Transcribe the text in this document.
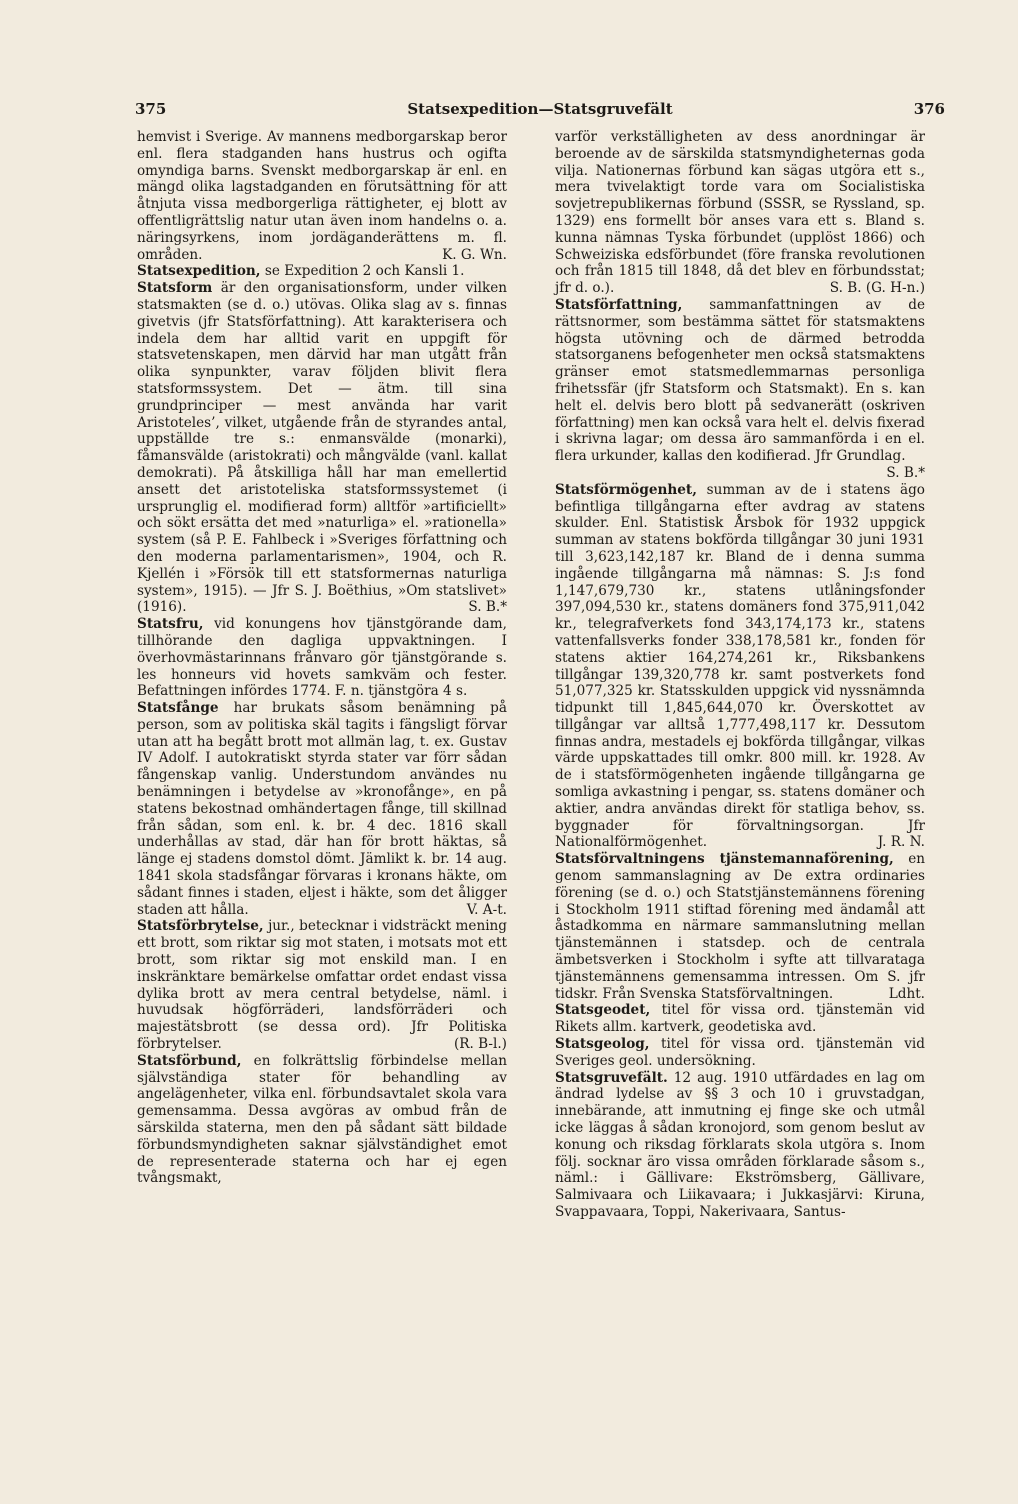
Statsexpedition—Statsgruvefält
375	376

hemvist i Sverige. Av mannens medborgarskap beror enl. flera stadganden hans hustrus och ogifta omyndiga barns. Svenskt medborgarskap är enl. en mängd olika lagstadganden en förutsättning för att åtnjuta vissa medborgerliga rättigheter, ej blott av offentligrättslig natur utan även inom handelns o. a. näringsyrkens, inom jordäganderättens m. fl. områden.	K. G. Wn.

Statsexpedition, se Expedition 2 och Kansli 1.

Statsform är den organisationsform, under vilken statsmakten (se d. o.) utövas. Olika slag av s. finnas givetvis (jfr Statsförfattning). Att karakterisera och indela dem har alltid varit en uppgift för statsvetenskapen, men därvid har man utgått från olika synpunkter, varav följden blivit flera statsformssystem. Det — ätm. till sina grundprinciper — mest använda har varit Aristoteles’, vilket, utgående från de styrandes antal, uppställde tre s.: enmansvälde (monarki), fåmansvälde (aristokrati) och mångvälde (vanl. kallat demokrati). På åtskilliga håll har man emellertid ansett det aristoteliska statsformssystemet (i ursprunglig el. modifierad form) alltför »artificiellt» och sökt ersätta det med »naturliga» el. »rationella» system (så P. E. Fahlbeck i »Sveriges författning och den moderna parlamentarismen», 1904, och R. Kjellén i »Försök till ett statsformernas naturliga system», 1915). — Jfr S. J. Boëthius, »Om statslivet» (1916).	S. B.*

Statsfru, vid konungens hov tjänstgörande dam, tillhörande den dagliga uppvaktningen. I överhovmästarinnans frånvaro gör tjänstgörande s. les honneurs vid hovets samkväm och fester. Befattningen infördes 1774. F. n. tjänstgöra 4 s.

Statsfånge har brukats såsom benämning på person, som av politiska skäl tagits i fängsligt förvar utan att ha begått brott mot allmän lag, t. ex. Gustav IV Adolf. I autokratiskt styrda stater var förr sådan fångenskap vanlig. Understundom användes nu benämningen i betydelse av »kronofånge», en på statens bekostnad omhändertagen fånge, till skillnad från sådan, som enl. k. br. 4 dec. 1816 skall underhållas av stad, där han för brott häktas, så länge ej stadens domstol dömt. Jämlikt k. br. 14 aug. 1841 skola stadsfångar förvaras i kronans häkte, om sådant finnes i staden, eljest i häkte, som det åligger staden att hålla.	V. A-t.

Statsförbrytelse, jur., betecknar i vidsträckt mening ett brott, som riktar sig mot staten, i motsats mot ett brott, som riktar sig mot enskild man. I en inskränktare bemärkelse omfattar ordet endast vissa dylika brott av mera central betydelse, näml. i huvudsak högförräderi, landsförräderi och majestätsbrott (se dessa ord). Jfr Politiska förbrytelser.	(R. B-l.)

Statsförbund, en folkrättslig förbindelse mellan självständiga stater för behandling av angelägenheter, vilka enl. förbundsavtalet skola vara gemensamma. Dessa avgöras av ombud från de särskilda staterna, men den på sådant sätt bildade förbundsmyndigheten saknar självständighet emot de representerade staterna och har ej egen tvångsmakt,

varför verkställigheten av dess anordningar är beroende av de särskilda statsmyndigheternas goda vilja. Nationernas förbund kan sägas utgöra ett s., mera tvivelaktigt torde vara om Socialistiska sovjetrepublikernas förbund (SSSR, se Ryssland, sp. 1329) ens formellt bör anses vara ett s. Bland s. kunna nämnas Tyska förbundet (upplöst 1866) och Schweiziska edsförbundet (före franska revolutionen och från 1815 till 1848, då det blev en förbundsstat; jfr d. o.).	S. B. (G. H-n.)

Statsförfattning, sammanfattningen av de rättsnormer, som bestämma sättet för statsmaktens högsta utövning och de därmed betrodda statsorganens befogenheter men också statsmaktens gränser emot statsmedlemmarnas personliga frihetssfär (jfr Statsform och Statsmakt). En s. kan helt el. delvis bero blott på sedvanerätt (oskriven författning) men kan också vara helt el. delvis fixerad i skrivna lagar; om dessa äro sammanförda i en el. flera urkunder, kallas den kodifierad. Jfr Grundlag.
S. B.*

Statsförmögenhet, summan av de i statens ägo befintliga tillgångarna efter avdrag av statens skulder. Enl. Statistisk Årsbok för 1932 uppgick summan av statens bokförda tillgångar 30 juni 1931 till 3,623,142,187 kr. Bland de i denna summa ingående tillgångarna må nämnas: S. J:s fond 1,147,679,730 kr., statens utlåningsfonder 397,094,530 kr., statens domäners fond 375,911,042 kr., telegrafverkets fond 343,174,173 kr., statens vattenfallsverks fonder 338,178,581 kr., fonden för statens aktier 164,274,261 kr., Riksbankens tillgångar 139,320,778 kr. samt postverkets fond 51,077,325 kr. Statsskulden uppgick vid nyssnämnda tidpunkt till 1,845,644,070 kr. Överskottet av tillgångar var alltså 1,777,498,117 kr. Dessutom finnas andra, mestadels ej bokförda tillgångar, vilkas värde uppskattades till omkr. 800 mill. kr. 1928. Av de i statsförmögenheten ingående tillgångarna ge somliga avkastning i pengar, ss. statens domäner och aktier, andra användas direkt för statliga behov, ss. byggnader för förvaltningsorgan. Jfr Nationalförmögenhet.	J. R. N.

Statsförvaltningens tjänstemannaförening, en genom sammanslagning av De extra ordinaries förening (se d. o.) och Statstjänstemännens förening i Stockholm 1911 stiftad förening med ändamål att åstadkomma en närmare sammanslutning mellan tjänstemännen i statsdep. och de centrala ämbetsverken i Stockholm i syfte att tillvarataga tjänstemännens gemensamma intressen. Om S. jfr tidskr. Från Svenska Statsförvaltningen.	Ldht.

Statsgeodet, titel för vissa ord. tjänstemän vid Rikets allm. kartverk, geodetiska avd.

Statsgeolog, titel för vissa ord. tjänstemän vid Sveriges geol. undersökning.

Statsgruvefält. 12 aug. 1910 utfärdades en lag om ändrad lydelse av §§ 3 och 10 i gruvstadgan, innebärande, att inmutning ej finge ske och utmål icke läggas å sådan kronojord, som genom beslut av konung och riksdag förklarats skola utgöra s. Inom följ. socknar äro vissa områden förklarade såsom s., näml.: i Gällivare: Ekströmsberg, Gällivare, Salmivaara och Liikavaara; i Jukkasjärvi: Kiruna, Svappavaara, Toppi, Nakerivaara, Santus-
